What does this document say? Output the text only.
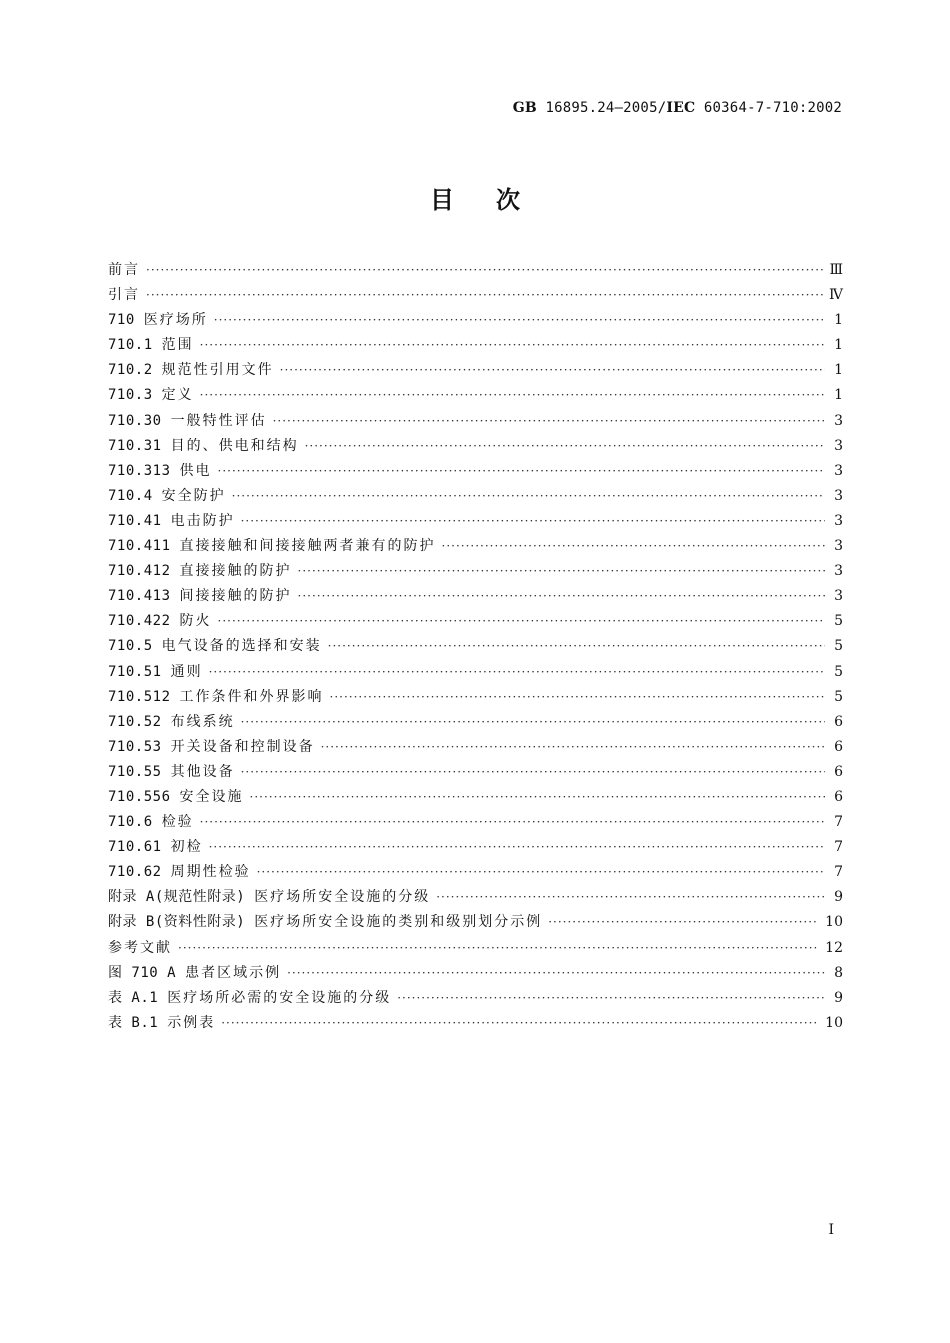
GB 16895.24—2005/IEC 60364-7-710:2002
目次
前言 ·····	Ⅲ
引言 ·····	Ⅳ
710 医疗场所 ·····	1
710.1 范围 ·····	1
710.2 规范性引用文件 ·····	1
710.3 定义 ·····	1
710.30 一般特性评估 ·····	3
710.31 目的、供电和结构 ·····	3
710.313 供电 ·····	3
710.4 安全防护 ·····	3
710.41 电击防护 ·····	3
710.411 直接接触和间接接触两者兼有的防护 ·····	3
710.412 直接接触的防护 ·····	3
710.413 间接接触的防护 ·····	3
710.422 防火 ·····	5
710.5 电气设备的选择和安装 ·····	5
710.51 通则 ·····	5
710.512 工作条件和外界影响 ·····	5
710.52 布线系统 ·····	6
710.53 开关设备和控制设备 ·····	6
710.55 其他设备 ·····	6
710.556 安全设施 ·····	6
710.6 检验 ·····	7
710.61 初检 ·····	7
710.62 周期性检验 ·····	7
附录 A(规范性附录) 医疗场所安全设施的分级 ·····	9
附录 B(资料性附录) 医疗场所安全设施的类别和级别划分示例 ·····	10
参考文献 ·····	12
图 710 A 患者区域示例 ·····	8
表 A.1 医疗场所必需的安全设施的分级 ·····	9
表 B.1 示例表 ·····	10
Ⅰ
